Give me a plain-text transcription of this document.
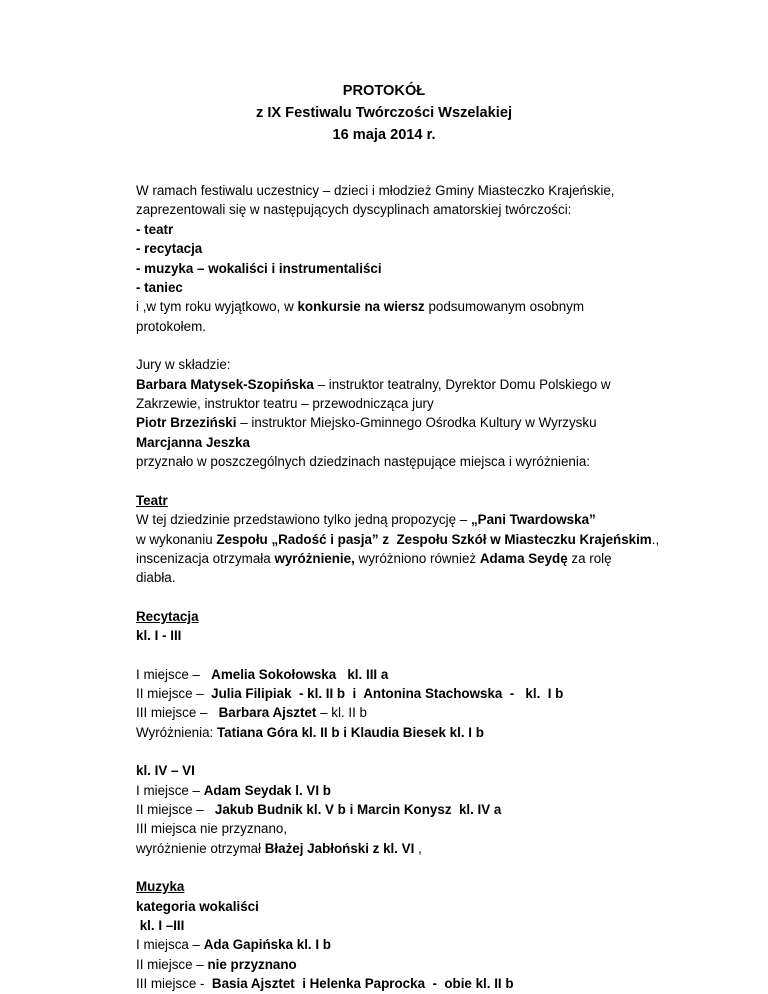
PROTOKÓŁ
z IX Festiwalu Twórczości Wszelakiej
16 maja 2014 r.
W ramach festiwalu uczestnicy – dzieci i młodzież Gminy Miasteczko Krajeńskie,
zaprezentowali się w następujących dyscyplinach amatorskiej twórczości:
- teatr
- recytacja
- muzyka – wokaliści i instrumentaliści
- taniec
i ,w tym roku wyjątkowo, w konkursie na wiersz podsumowanym osobnym
protokołem.
Jury w składzie:
Barbara Matysek-Szopińska – instruktor teatralny, Dyrektor Domu Polskiego w
Zakrzewie, instruktor teatru – przewodnicząca jury
Piotr Brzeziński – instruktor Miejsko-Gminnego Ośrodka Kultury w Wyrzysku
Marcjanna Jeszka
przyznało w poszczególnych dziedzinach następujące miejsca i wyróżnienia:
Teatr
W tej dziedzinie przedstawiono tylko jedną propozycję – „Pani Twardowska”
w wykonaniu Zespołu „Radość i pasja” z  Zespołu Szkół w Miasteczku Krajeńskim.,
inscenizacja otrzymała wyróżnienie, wyróżniono również Adama Seydę za rolę
diabła.
Recytacja
kl. I - III
I miejsce –   Amelia Sokołowska   kl. III a
II miejsce –  Julia Filipiak  - kl. II b  i  Antonina Stachowska  -   kl.  I b
III miejsce –   Barbara Ajsztet – kl. II b
Wyróżnienia: Tatiana Góra kl. II b i Klaudia Biesek kl. I b
kl. IV – VI
I miejsce – Adam Seydak l. VI b
II miejsce –   Jakub Budnik kl. V b i Marcin Konysz  kl. IV a
III miejsca nie przyznano,
wyróżnienie otrzymał Błażej Jabłoński z kl. VI ,
Muzyka
kategoria wokaliści
kl. I –III
I miejsca – Ada Gapińska kl. I b
II miejsce – nie przyznano
III miejsce -  Basia Ajsztet  i Helenka Paprocka  -  obie kl. II b
